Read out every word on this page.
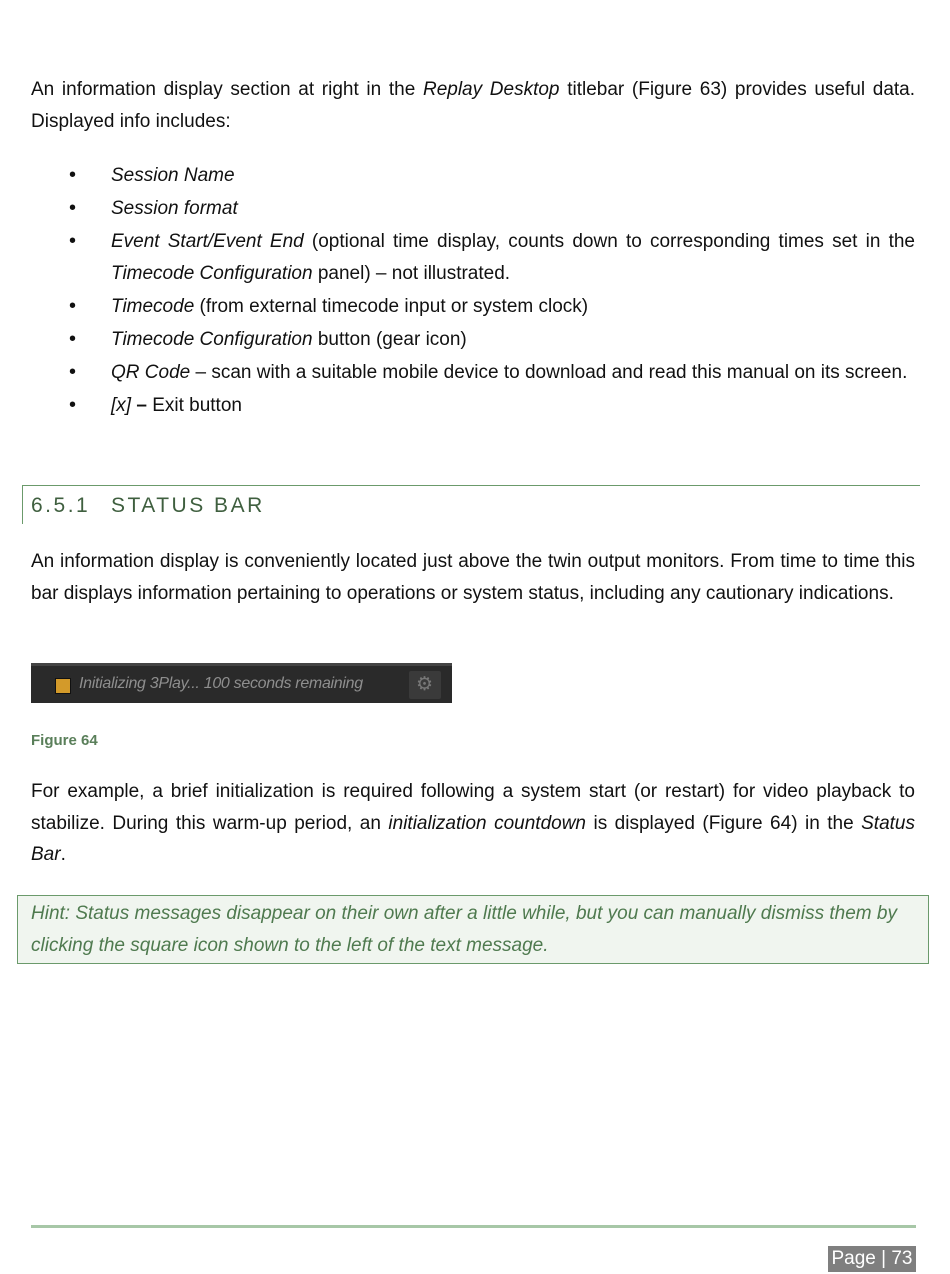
An information display section at right in the Replay Desktop titlebar (Figure 63) provides useful data. Displayed info includes:

• Session Name
• Session format
• Event Start/Event End (optional time display, counts down to corresponding times set in the Timecode Configuration panel) – not illustrated.
• Timecode (from external timecode input or system clock)
• Timecode Configuration button (gear icon)
• QR Code – scan with a suitable mobile device to download and read this manual on its screen.
• [x] – Exit button
6.5.1 STATUS BAR

An information display is conveniently located just above the twin output monitors. From time to time this bar displays information pertaining to operations or system status, including any cautionary indications.

Initializing 3Play... 100 seconds remaining	⚙
Figure 64

For example, a brief initialization is required following a system start (or restart) for video playback to stabilize. During this warm-up period, an initialization countdown is displayed (Figure 64) in the Status Bar.

Hint: Status messages disappear on their own after a little while, but you can manually dismiss them by clicking the square icon shown to the left of the text message.

Page | 73
